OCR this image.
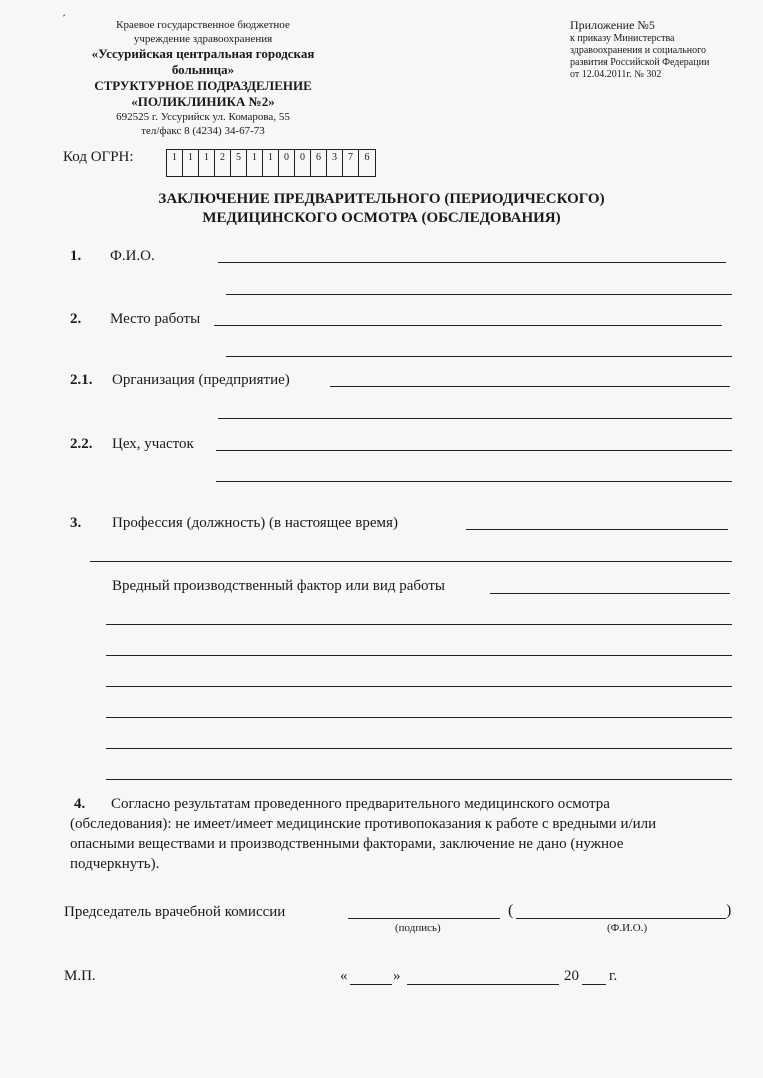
ˊ	Краевое государственное бюджетное
учреждение здравоохранения
«Уссурийская центральная городская
больница»
СТРУКТУРНОЕ ПОДРАЗДЕЛЕНИЕ
«ПОЛИКЛИНИКА №2»
692525 г. Уссурийск ул. Комарова, 55
тел/факс 8 (4234) 34-67-73
Приложение №5
к приказу Министерства
здравоохранения и социального
развития Российской Федерации
от 12.04.2011г. № 302
Код ОГРН:	1	1	1	2	5	1	1	0	0	6	3	7	6
ЗАКЛЮЧЕНИЕ ПРЕДВАРИТЕЛЬНОГО (ПЕРИОДИЧЕСКОГО)
МЕДИЦИНСКОГО ОСМОТРА (ОБСЛЕДОВАНИЯ)
1. Ф.И.О.
2. Место работы
2.1. Организация (предприятие)
2.2. Цех, участок
3. Профессия (должность) (в настоящее время)
Вредный производственный фактор или вид работы
4. Согласно результатам проведенного предварительного медицинского осмотра
(обследования): не имеет/имеет медицинские противопоказания к работе с вредными и/или
опасными веществами и производственными факторами, заключение не дано (нужное
подчеркнуть).
Председатель врачебной комиссии	(	)
(подпись)	(Ф.И.О.)
М.П.	«	»	20 г.
